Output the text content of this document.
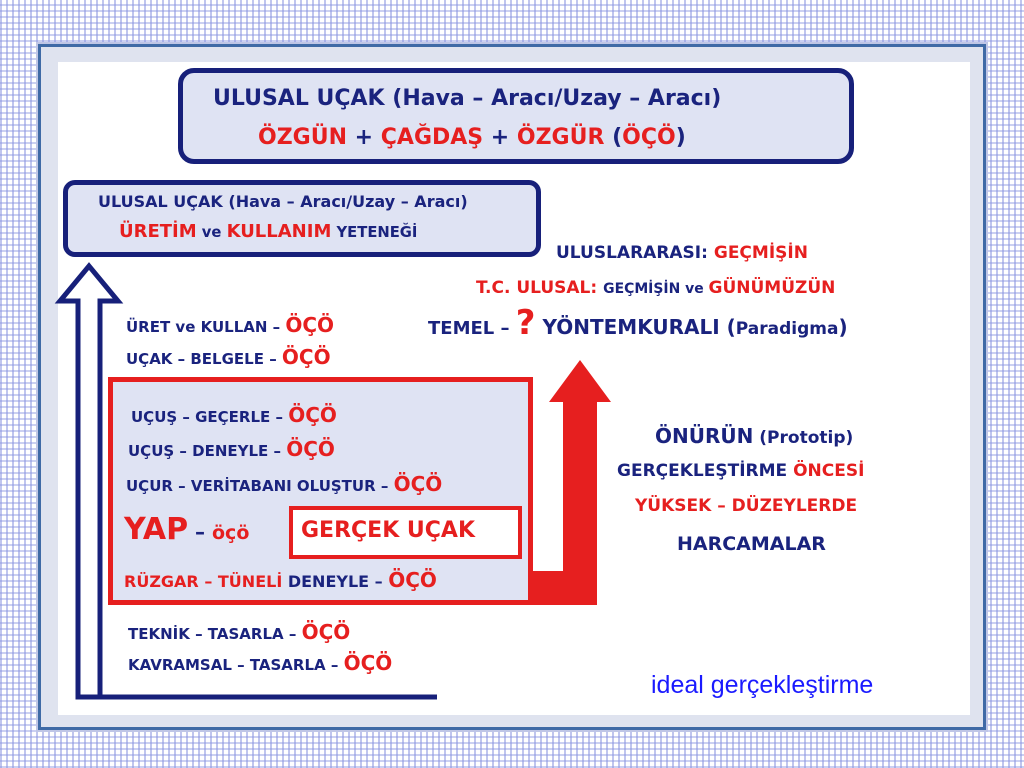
ULUSAL UÇAK (Hava – Aracı/Uzay – Aracı)
ÖZGÜN + ÇAĞDAŞ + ÖZGÜR (ÖÇÖ)
ULUSAL UÇAK (Hava – Aracı/Uzay – Aracı)
ÜRETİM ve KULLANIM YETENEĞİ
ULUSLARARASI: GEÇMİŞİN
T.C. ULUSAL: GEÇMİŞİN ve GÜNÜMÜZÜN
TEMEL – ? YÖNTEMKURALI (Paradigma)
ÖNÜRÜN (Prototip)
GERÇEKLEŞTİRME ÖNCESİ
YÜKSEK – DÜZEYLERDE
HARCAMALAR
ÜRET ve KULLAN – ÖÇÖ
UÇAK – BELGELE – ÖÇÖ
UÇUŞ – GEÇERLE – ÖÇÖ
UÇUŞ – DENEYLE – ÖÇÖ
UÇUR – VERİTABANI OLUŞTUR – ÖÇÖ
YAP – öçö GERÇEK UÇAK
RÜZGAR – TÜNELİ DENEYLE – ÖÇÖ
TEKNİK – TASARLA – ÖÇÖ
KAVRAMSAL – TASARLA – ÖÇÖ
ideal gerçekleştirme
